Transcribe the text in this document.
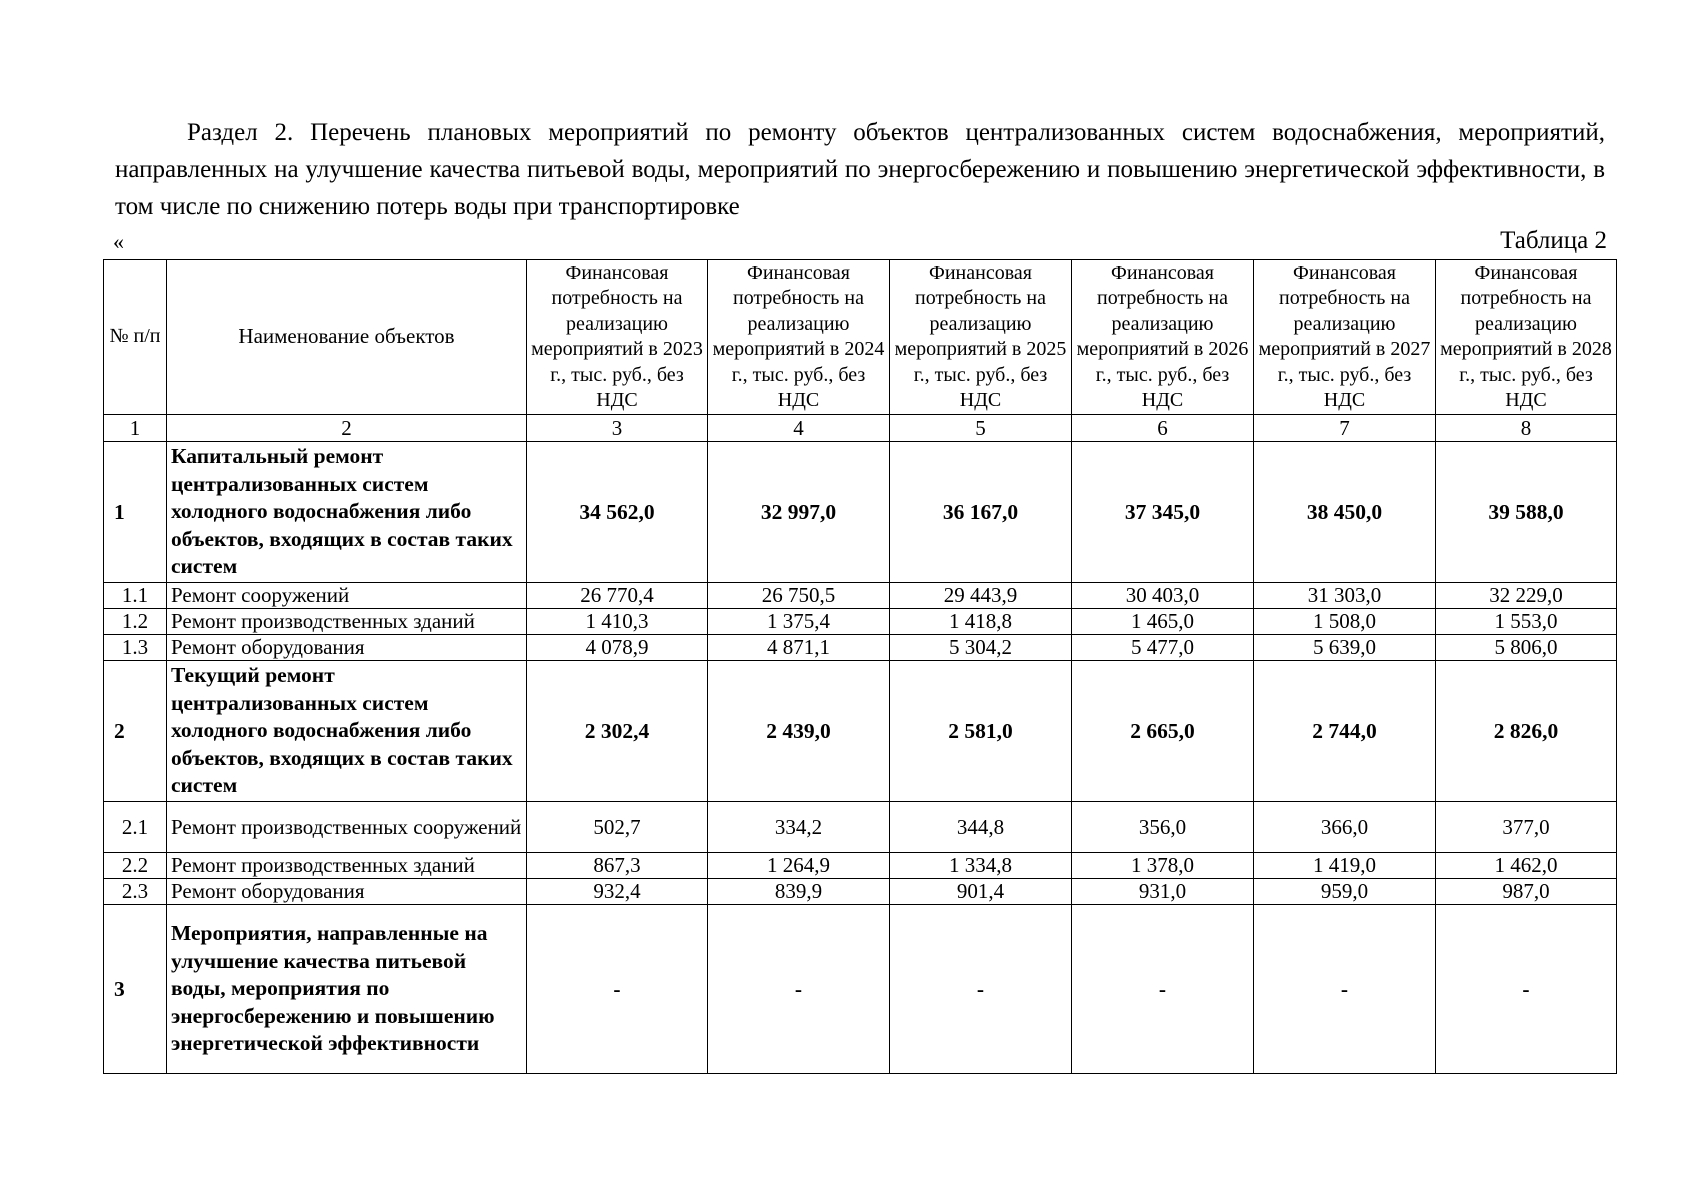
Раздел 2. Перечень плановых мероприятий по ремонту объектов централизованных систем водоснабжения, мероприятий, направленных на улучшение качества питьевой воды, мероприятий по энергосбережению и повышению энергетической эффективности, в том числе по снижению потерь воды при транспортировке

«	Таблица 2
№ п/п	Наименование объектов	Финансовая потребность на реализацию мероприятий в 2023 г., тыс. руб., без НДС	Финансовая потребность на реализацию мероприятий в 2024 г., тыс. руб., без НДС	Финансовая потребность на реализацию мероприятий в 2025 г., тыс. руб., без НДС	Финансовая потребность на реализацию мероприятий в 2026 г., тыс. руб., без НДС	Финансовая потребность на реализацию мероприятий в 2027 г., тыс. руб., без НДС	Финансовая потребность на реализацию мероприятий в 2028 г., тыс. руб., без НДС
1	2	3	4	5	6	7	8
1	Капитальный ремонт централизованных систем холодного водоснабжения либо объектов, входящих в состав таких систем	34 562,0	32 997,0	36 167,0	37 345,0	38 450,0	39 588,0
1.1	Ремонт сооружений	26 770,4	26 750,5	29 443,9	30 403,0	31 303,0	32 229,0
1.2	Ремонт производственных зданий	1 410,3	1 375,4	1 418,8	1 465,0	1 508,0	1 553,0
1.3	Ремонт оборудования	4 078,9	4 871,1	5 304,2	5 477,0	5 639,0	5 806,0
2	Текущий ремонт централизованных систем холодного водоснабжения либо объектов, входящих в состав таких систем	2 302,4	2 439,0	2 581,0	2 665,0	2 744,0	2 826,0
2.1	Ремонт производственных сооружений	502,7	334,2	344,8	356,0	366,0	377,0
2.2	Ремонт производственных зданий	867,3	1 264,9	1 334,8	1 378,0	1 419,0	1 462,0
2.3	Ремонт оборудования	932,4	839,9	901,4	931,0	959,0	987,0
3	Мероприятия, направленные на улучшение качества питьевой воды, мероприятия по энергосбережению и повышению энергетической эффективности	-	-	-	-	-	-
